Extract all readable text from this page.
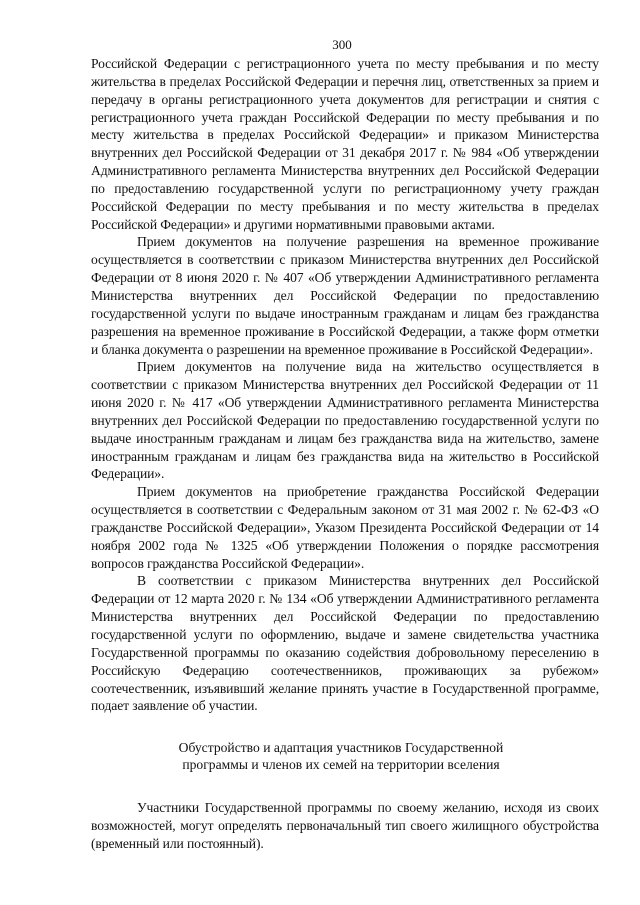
300

Российской Федерации с регистрационного учета по месту пребывания и по месту жительства в пределах Российской Федерации и перечня лиц, ответственных за прием и передачу в органы регистрационного учета документов для регистрации и снятия с регистрационного учета граждан Российской Федерации по месту пребывания и по месту жительства в пределах Российской Федерации» и приказом Министерства внутренних дел Российской Федерации от 31 декабря 2017 г. № 984 «Об утверждении Административного регламента Министерства внутренних дел Российской Федерации по предоставлению государственной услуги по регистрационному учету граждан Российской Федерации по месту пребывания и по месту жительства в пределах Российской Федерации» и другими нормативными правовыми актами.

Прием документов на получение разрешения на временное проживание осуществляется в соответствии с приказом Министерства внутренних дел Российской Федерации от 8 июня 2020 г. № 407 «Об утверждении Административного регламента Министерства внутренних дел Российской Федерации по предоставлению государственной услуги по выдаче иностранным гражданам и лицам без гражданства разрешения на временное проживание в Российской Федерации, а также форм отметки и бланка документа о разрешении на временное проживание в Российской Федерации».

Прием документов на получение вида на жительство осуществляется в соответствии с приказом Министерства внутренних дел Российской Федерации от 11 июня 2020 г. № 417 «Об утверждении Административного регламента Министерства внутренних дел Российской Федерации по предоставлению государственной услуги по выдаче иностранным гражданам и лицам без гражданства вида на жительство, замене иностранным гражданам и лицам без гражданства вида на жительство в Российской Федерации».

Прием документов на приобретение гражданства Российской Федерации осуществляется в соответствии с Федеральным законом от 31 мая 2002 г. № 62-ФЗ «О гражданстве Российской Федерации», Указом Президента Российской Федерации от 14 ноября 2002 года № 1325 «Об утверждении Положения о порядке рассмотрения вопросов гражданства Российской Федерации».

В соответствии с приказом Министерства внутренних дел Российской Федерации от 12 марта 2020 г. № 134 «Об утверждении Административного регламента Министерства внутренних дел Российской Федерации по предоставлению государственной услуги по оформлению, выдаче и замене свидетельства участника Государственной программы по оказанию содействия добровольному переселению в Российскую Федерацию соотечественников, проживающих за рубежом» соотечественник, изъявивший желание принять участие в Государственной программе, подает заявление об участии.

Обустройство и адаптация участников Государственной
программы и членов их семей на территории вселения

Участники Государственной программы по своему желанию, исходя из своих возможностей, могут определять первоначальный тип своего жилищного обустройства (временный или постоянный).
